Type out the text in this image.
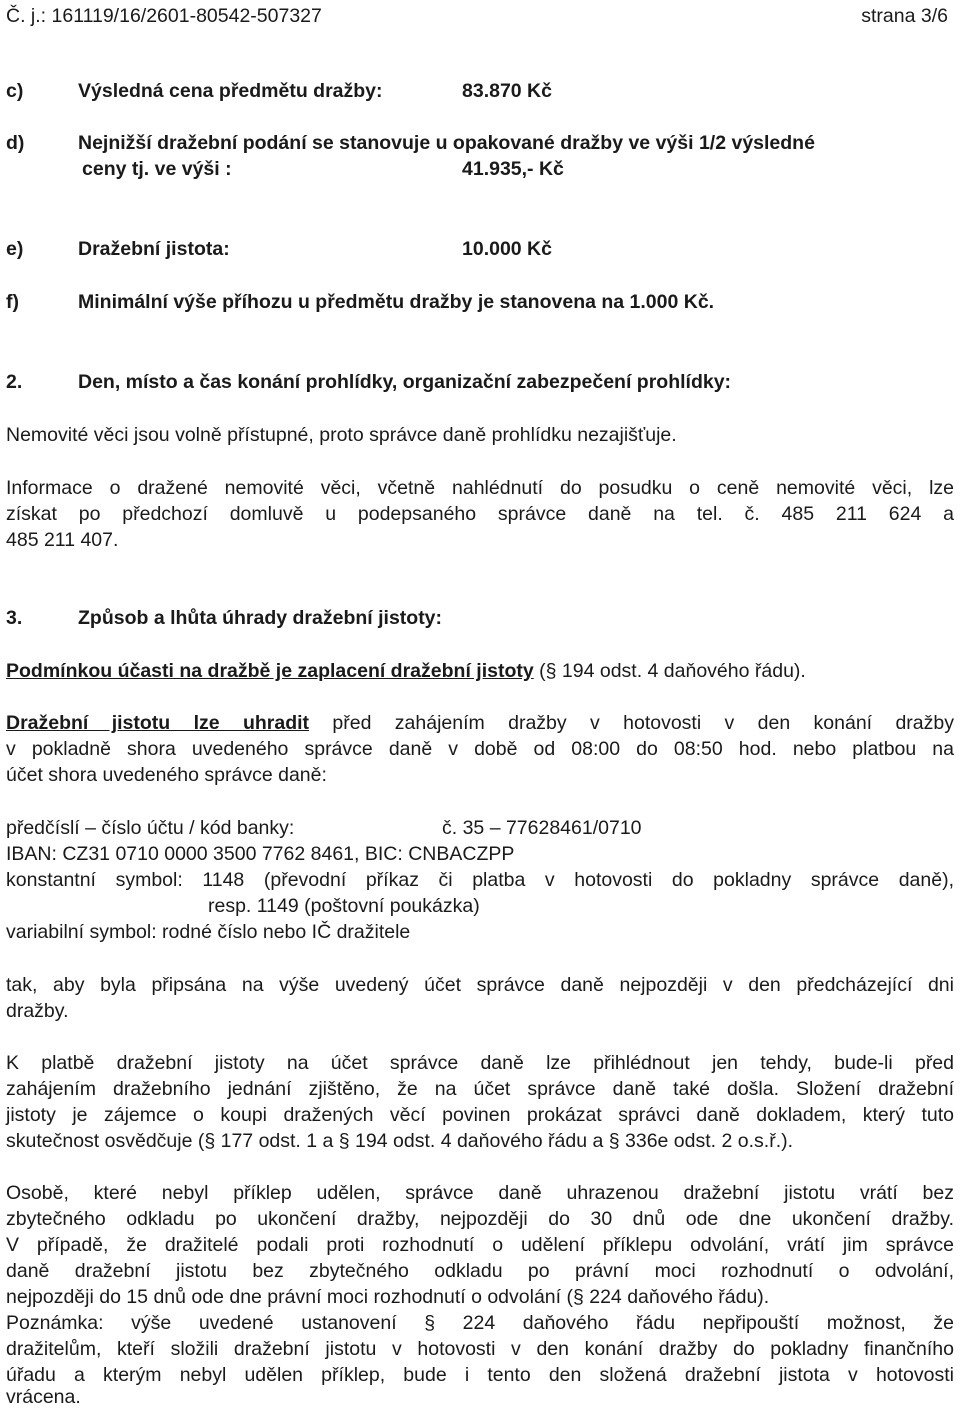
Č. j.: 161119/16/2601-80542-507327	strana 3/6
c)	Výsledná cena předmětu dražby:	83.870 Kč
d)	Nejnižší dražební podání se stanovuje u opakované dražby ve výši 1/2 výsledné
ceny tj. ve výši :	41.935,- Kč
e)	Dražební jistota:	10.000 Kč
f)	Minimální výše příhozu u předmětu dražby je stanovena na 1.000 Kč.
2.	Den, místo a čas konání prohlídky, organizační zabezpečení prohlídky:
Nemovité věci jsou volně přístupné, proto správce daně prohlídku nezajišťuje.
Informace o dražené nemovité věci, včetně nahlédnutí do posudku o ceně nemovité věci, lze
získat po předchozí domluvě u podepsaného správce daně na tel. č. 485 211 624 a
485 211 407.
3.	Způsob a lhůta úhrady dražební jistoty:
Podmínkou účasti na dražbě je zaplacení dražební jistoty (§ 194 odst. 4 daňového řádu).
Dražební jistotu lze uhradit před zahájením dražby v hotovosti v den konání dražby
v pokladně shora uvedeného správce daně v době od 08:00 do 08:50 hod. nebo platbou na
účet shora uvedeného správce daně:
předčíslí – číslo účtu / kód banky:	č. 35 – 77628461/0710
IBAN: CZ31 0710 0000 3500 7762 8461, BIC: CNBACZPP
konstantní symbol: 1148 (převodní příkaz či platba v hotovosti do pokladny správce daně),
resp. 1149 (poštovní poukázka)
variabilní symbol: rodné číslo nebo IČ dražitele
tak, aby byla připsána na výše uvedený účet správce daně nejpozději v den předcházející dni
dražby.
K platbě dražební jistoty na účet správce daně lze přihlédnout jen tehdy, bude-li před
zahájením dražebního jednání zjištěno, že na účet správce daně také došla. Složení dražební
jistoty je zájemce o koupi dražených věcí povinen prokázat správci daně dokladem, který tuto
skutečnost osvědčuje (§ 177 odst. 1 a § 194 odst. 4 daňového řádu a § 336e odst. 2 o.s.ř.).
Osobě, které nebyl příklep udělen, správce daně uhrazenou dražební jistotu vrátí bez
zbytečného odkladu po ukončení dražby, nejpozději do 30 dnů ode dne ukončení dražby.
V případě, že dražitelé podali proti rozhodnutí o udělení příklepu odvolání, vrátí jim správce
daně dražební jistotu bez zbytečného odkladu po právní moci rozhodnutí o odvolání,
nejpozději do 15 dnů ode dne právní moci rozhodnutí o odvolání (§ 224 daňového řádu).
Poznámka: výše uvedené ustanovení § 224 daňového řádu nepřipouští možnost, že
dražitelům, kteří složili dražební jistotu v hotovosti v den konání dražby do pokladny finančního
úřadu a kterým nebyl udělen příklep, bude i tento den složená dražební jistota v hotovosti
vrácena.
